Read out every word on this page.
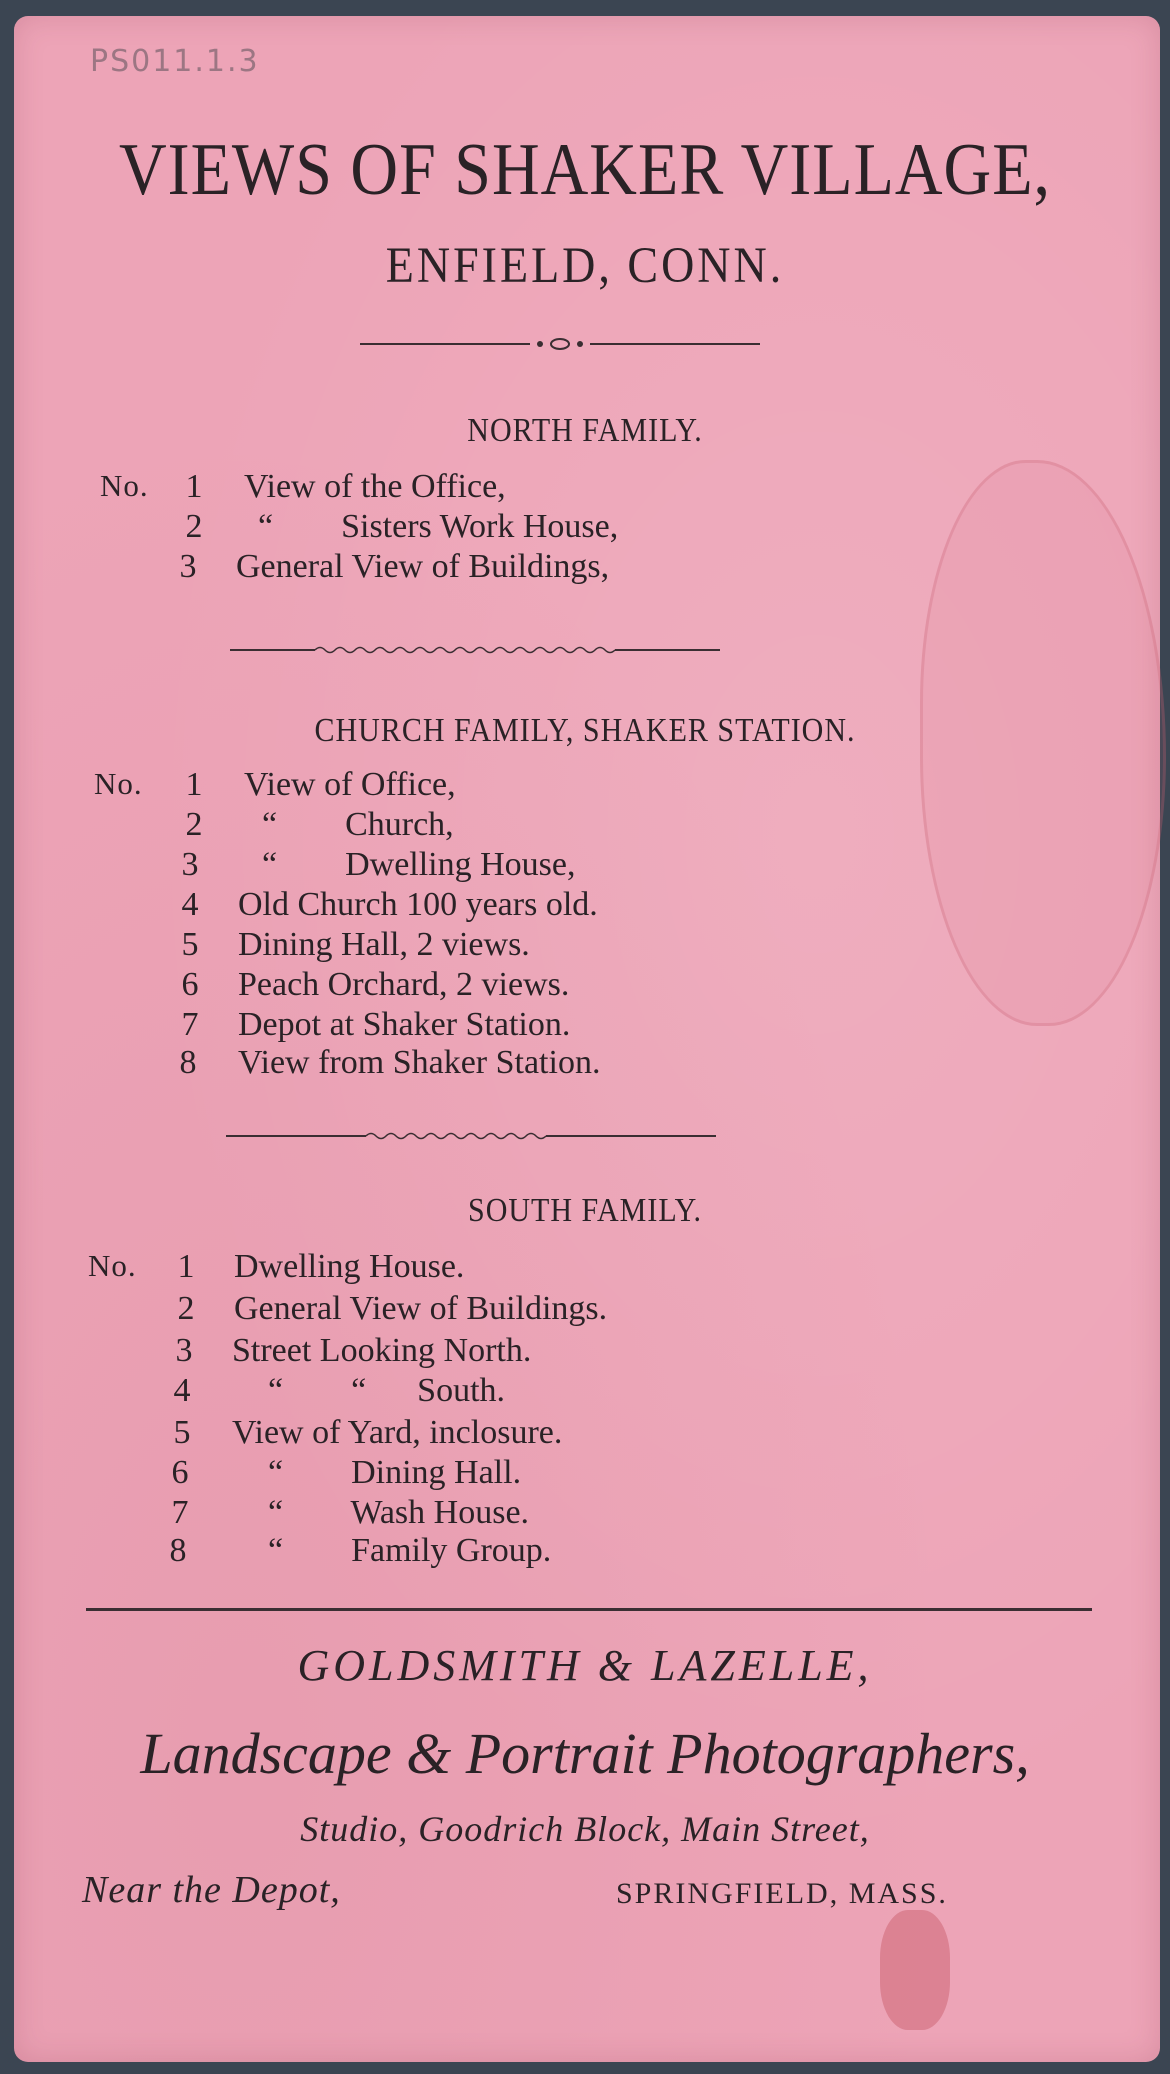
PS011.1.3
VIEWS OF SHAKER VILLAGE,
ENFIELD, CONN.
NORTH FAMILY.
No.	1	View of the Office,
2	“        Sisters Work House,
3	General View of Buildings,
CHURCH FAMILY, SHAKER STATION.
No.	1	View of Office,
2	“        Church,
3	“        Dwelling House,
4	Old Church 100 years old.
5	Dining Hall, 2 views.
6	Peach Orchard, 2 views.
7	Depot at Shaker Station.
8	View from Shaker Station.
SOUTH FAMILY.
No.	1	Dwelling House.
2	General View of Buildings.
3	Street Looking North.
4	“        “      South.
5	View of Yard, inclosure.
6	“        Dining Hall.
7	“        Wash House.
8	“        Family Group.
GOLDSMITH & LAZELLE,
Landscape & Portrait Photographers,
Studio, Goodrich Block, Main Street,
Near the Depot,	SPRINGFIELD, MASS.
